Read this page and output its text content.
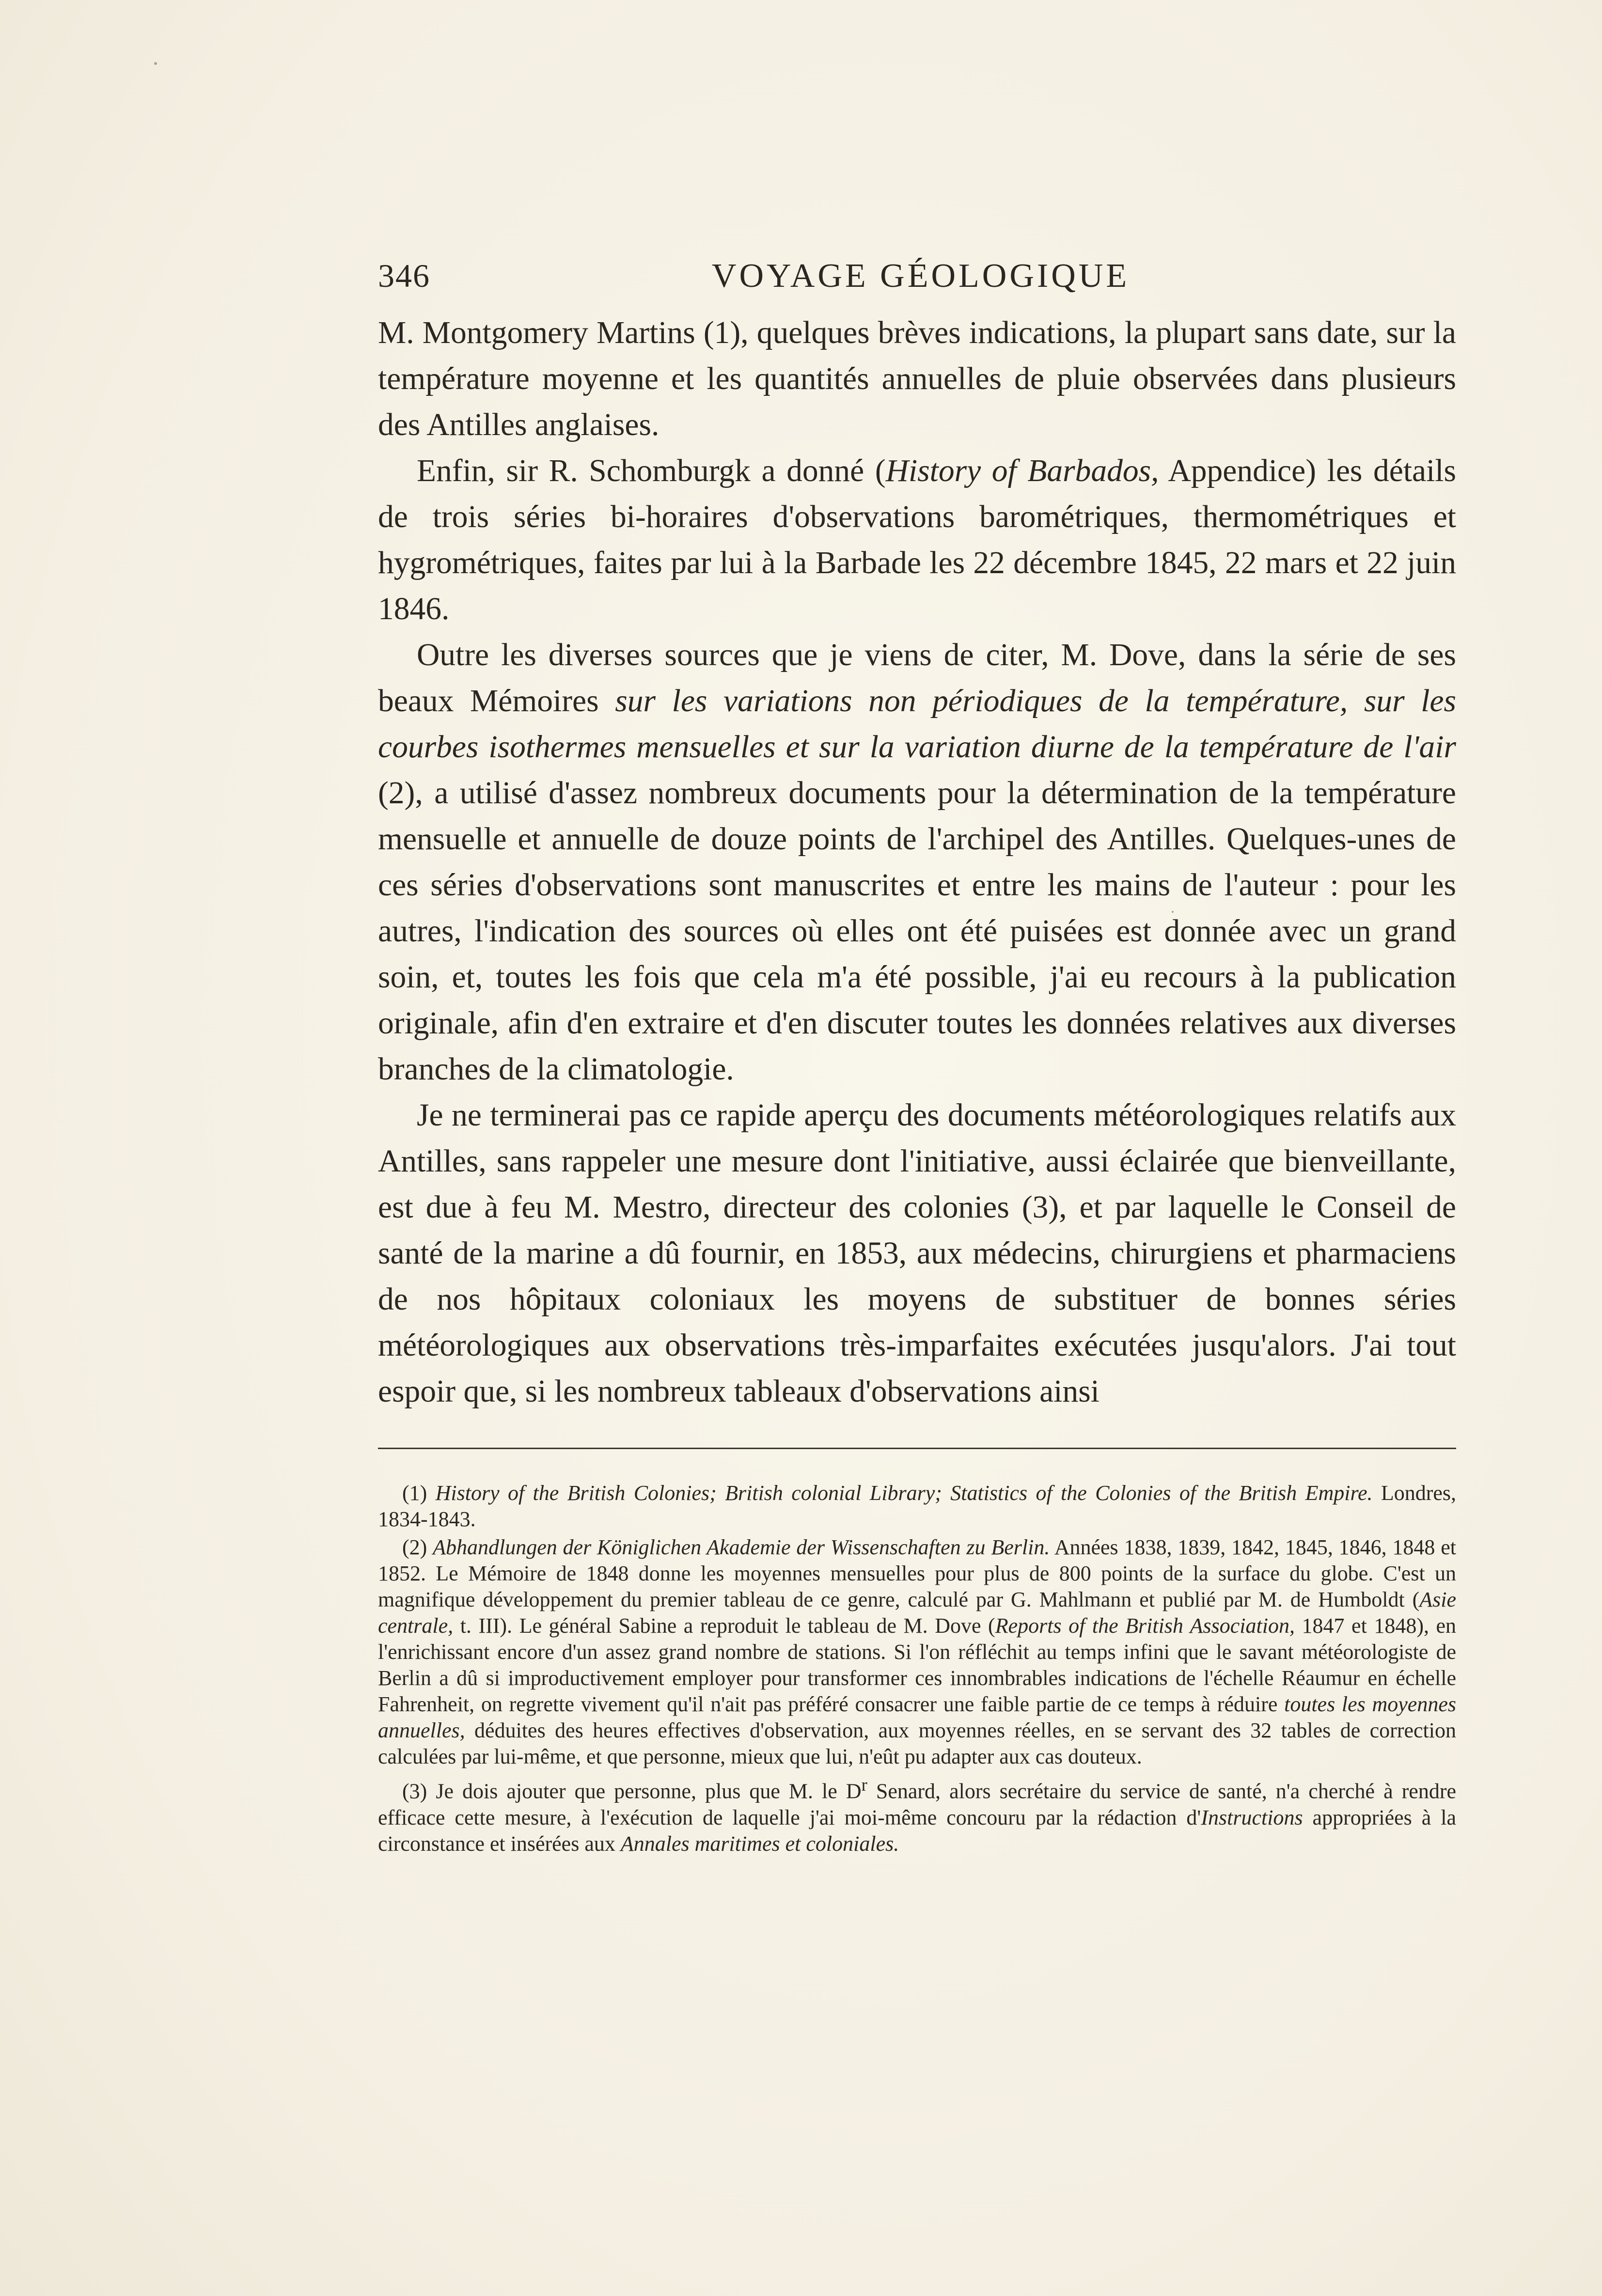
346	VOYAGE GÉOLOGIQUE

M. Montgomery Martins (1), quelques brèves indications, la plupart sans date, sur la température moyenne et les quantités annuelles de pluie observées dans plusieurs des Antilles anglaises.

Enfin, sir R. Schomburgk a donné (History of Barbados, Appendice) les détails de trois séries bi-horaires d'observations barométriques, thermométriques et hygrométriques, faites par lui à la Barbade les 22 décembre 1845, 22 mars et 22 juin 1846.

Outre les diverses sources que je viens de citer, M. Dove, dans la série de ses beaux Mémoires sur les variations non périodiques de la température, sur les courbes isothermes mensuelles et sur la variation diurne de la température de l'air (2), a utilisé d'assez nombreux documents pour la détermination de la température mensuelle et annuelle de douze points de l'archipel des Antilles. Quelques-unes de ces séries d'observations sont manuscrites et entre les mains de l'auteur : pour les autres, l'indication des sources où elles ont été puisées est donnée avec un grand soin, et, toutes les fois que cela m'a été possible, j'ai eu recours à la publication originale, afin d'en extraire et d'en discuter toutes les données relatives aux diverses branches de la climatologie.

Je ne terminerai pas ce rapide aperçu des documents météorologiques relatifs aux Antilles, sans rappeler une mesure dont l'initiative, aussi éclairée que bienveillante, est due à feu M. Mestro, directeur des colonies (3), et par laquelle le Conseil de santé de la marine a dû fournir, en 1853, aux médecins, chirurgiens et pharmaciens de nos hôpitaux coloniaux les moyens de substituer de bonnes séries météorologiques aux observations très-imparfaites exécutées jusqu'alors. J'ai tout espoir que, si les nombreux tableaux d'observations ainsi

(1) History of the British Colonies; British colonial Library; Statistics of the Colonies of the British Empire. Londres, 1834-1843.

(2) Abhandlungen der Königlichen Akademie der Wissenschaften zu Berlin. Années 1838, 1839, 1842, 1845, 1846, 1848 et 1852. Le Mémoire de 1848 donne les moyennes mensuelles pour plus de 800 points de la surface du globe. C'est un magnifique développement du premier tableau de ce genre, calculé par G. Mahlmann et publié par M. de Humboldt (Asie centrale, t. III). Le général Sabine a reproduit le tableau de M. Dove (Reports of the British Association, 1847 et 1848), en l'enrichissant encore d'un assez grand nombre de stations. Si l'on réfléchit au temps infini que le savant météorologiste de Berlin a dû si improductivement employer pour transformer ces innombrables indications de l'échelle Réaumur en échelle Fahrenheit, on regrette vivement qu'il n'ait pas préféré consacrer une faible partie de ce temps à réduire toutes les moyennes annuelles, déduites des heures effectives d'observation, aux moyennes réelles, en se servant des 32 tables de correction calculées par lui-même, et que personne, mieux que lui, n'eût pu adapter aux cas douteux.

(3) Je dois ajouter que personne, plus que M. le $D^r$ Senard, alors secrétaire du service de santé, n'a cherché à rendre efficace cette mesure, à l'exécution de laquelle j'ai moi-même concouru par la rédaction d'Instructions appropriées à la circonstance et insérées aux Annales maritimes et coloniales.
